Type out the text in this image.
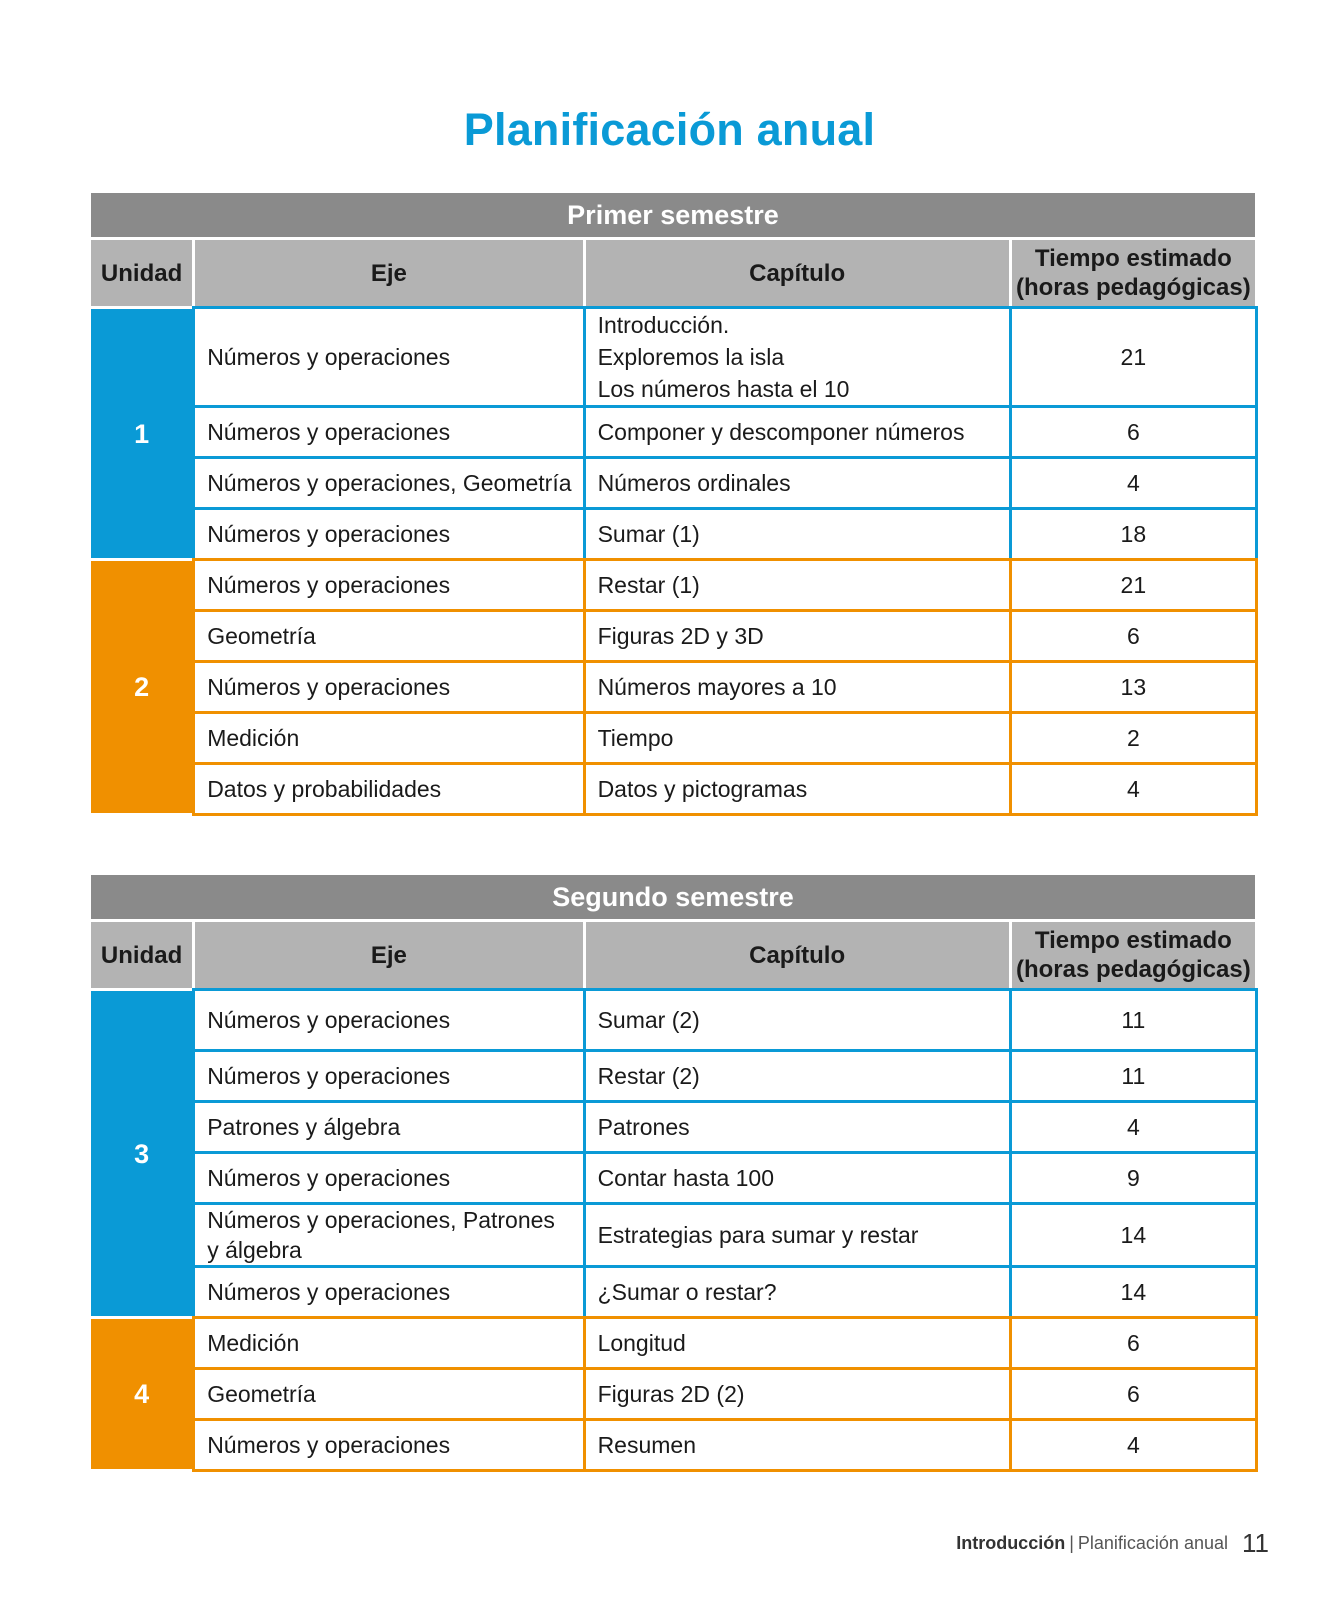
Planificación anual
Primer semestre			
Unidad	Eje	Capítulo	Tiempo estimado
(horas pedagógicas)

1	Números y operaciones	Introducción.
Exploremos la isla
Los números hasta el 10	21
	Números y operaciones	Componer y descomponer números	6
	Números y operaciones, Geometría	Números ordinales	4
	Números y operaciones	Sumar (1)	18
2	Números y operaciones	Restar (1)	21
	Geometría	Figuras 2D y 3D	6
	Números y operaciones	Números mayores a 10	13
	Medición	Tiempo	2
	Datos y probabilidades	Datos y pictogramas	4
Segundo semestre			
Unidad	Eje	Capítulo	Tiempo estimado
(horas pedagógicas)

3	Números y operaciones	Sumar (2)	11
	Números y operaciones	Restar (2)	11
	Patrones y álgebra	Patrones	4
	Números y operaciones	Contar hasta 100	9
	Números y operaciones, Patrones y álgebra	Estrategias para sumar y restar	14
	Números y operaciones	¿Sumar o restar?	14
4	Medición	Longitud	6
	Geometría	Figuras 2D (2)	6
	Números y operaciones	Resumen	4
Introducción | Planificación anual 11
